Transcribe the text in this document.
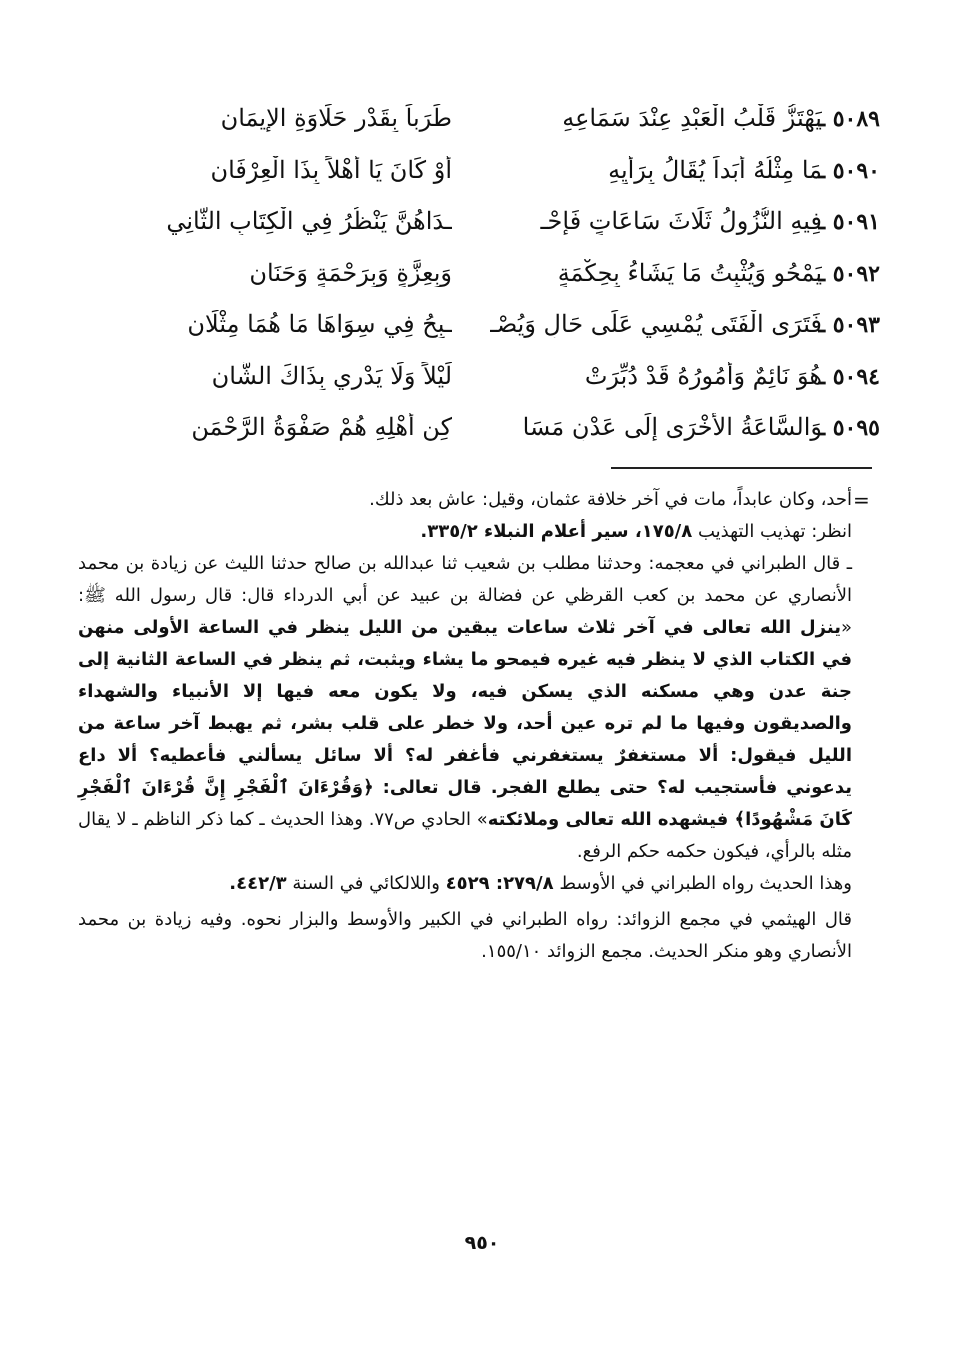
٥٠٨٩ ـ
يَهْتَزُّ قَلْبُ الْعَبْدِ عِنْدَ سَمَاعِهِ
طَرَباً بِقَدْرِ حَلَاوَةِ الإِيمَانِ
٥٠٩٠ ـ
مَا مِثْلُهُ أَبَداً يُقَالُ بِرَأْيِهِ
أَوْ كَانَ يَا أَهْلاً بِذَا الْعِرْفَانِ
٥٠٩١ ـ
فِيهِ النُّزُولُ ثَلَاثَ سَاعَاتٍ فَإِحْـ
ـدَاهُنَّ يَنْظُرُ فِي الْكِتَابِ الثَّانِي
٥٠٩٢ ـ
يَمْحُو وَيُثْبِتُ مَا يَشَاءُ بِحِكْمَةٍ
وَبِعِزَّةٍ وَبِرَحْمَةٍ وَحَنَانِ
٥٠٩٣ ـ
فَتَرَى الْفَتَى يُمْسِي عَلَى حَالٍ وَيُصْـ
ـبِحُ فِي سِوَاهَا مَا هُمَا مِثْلَانِ
٥٠٩٤ ـ
هُوَ نَائِمٌ وَأُمُورُهُ قَدْ دُبِّرَتْ
لَيْلاً وَلَا يَدْرِي بِذَاكَ الشَّانِ
٥٠٩٥ ـ
وَالسَّاعَةُ الأُخْرَى إِلَى عَدْنٍ مَسَا
كِنِ أَهْلِهِ هُمْ صَفْوَةُ الرَّحْمَنِ
=

أحد، وكان عابداً، مات في آخر خلافة عثمان، وقيل: عاش بعد ذلك.

انظر: تهذيب التهذيب ١٧٥/٨، سير أعلام النبلاء ٣٣٥/٢.

ـ قال الطبراني في معجمه: وحدثنا مطلب بن شعيب ثنا عبدالله بن صالح حدثنا الليث عن زيادة بن محمد الأنصاري عن محمد بن كعب القرظي عن فضالة بن عبيد عن أبي الدرداء قال: قال رسول الله ﷺ: «ينزل الله تعالى في آخر ثلاث ساعات يبقين من الليل ينظر في الساعة الأولى منهن في الكتاب الذي لا ينظر فيه غيره فيمحو ما يشاء ويثبت، ثم ينظر في الساعة الثانية إلى جنة عدن وهي مسكنه الذي يسكن فيه، ولا يكون معه فيها إلا الأنبياء والشهداء والصديقون وفيها ما لم تره عين أحد، ولا خطر على قلب بشر، ثم يهبط آخر ساعة من الليل فيقول: ألا مستغفرٌ يستغفرني فأغفر له؟ ألا سائل يسألني فأعطيه؟ ألا داع يدعوني فأستجيب له؟ حتى يطلع الفجر. قال تعالى: ﴿وَقُرْءَانَ ٱلْفَجْرِ إِنَّ قُرْءَانَ ٱلْفَجْرِ كَانَ مَشْهُودًا﴾ فيشهده الله تعالى وملائكته» الحادي ص٧٧. وهذا الحديث ـ كما ذكر الناظم ـ لا يقال مثله بالرأي، فيكون حكمه حكم الرفع.

وهذا الحديث رواه الطبراني في الأوسط ٢٧٩/٨: ٤٥٢٩ واللالكائي في السنة ٤٤٢/٣.

قال الهيثمي في مجمع الزوائد: رواه الطبراني في الكبير والأوسط والبزار نحوه. وفيه زيادة بن محمد الأنصاري وهو منكر الحديث. مجمع الزوائد ١٥٥/١٠.

٩٥٠
